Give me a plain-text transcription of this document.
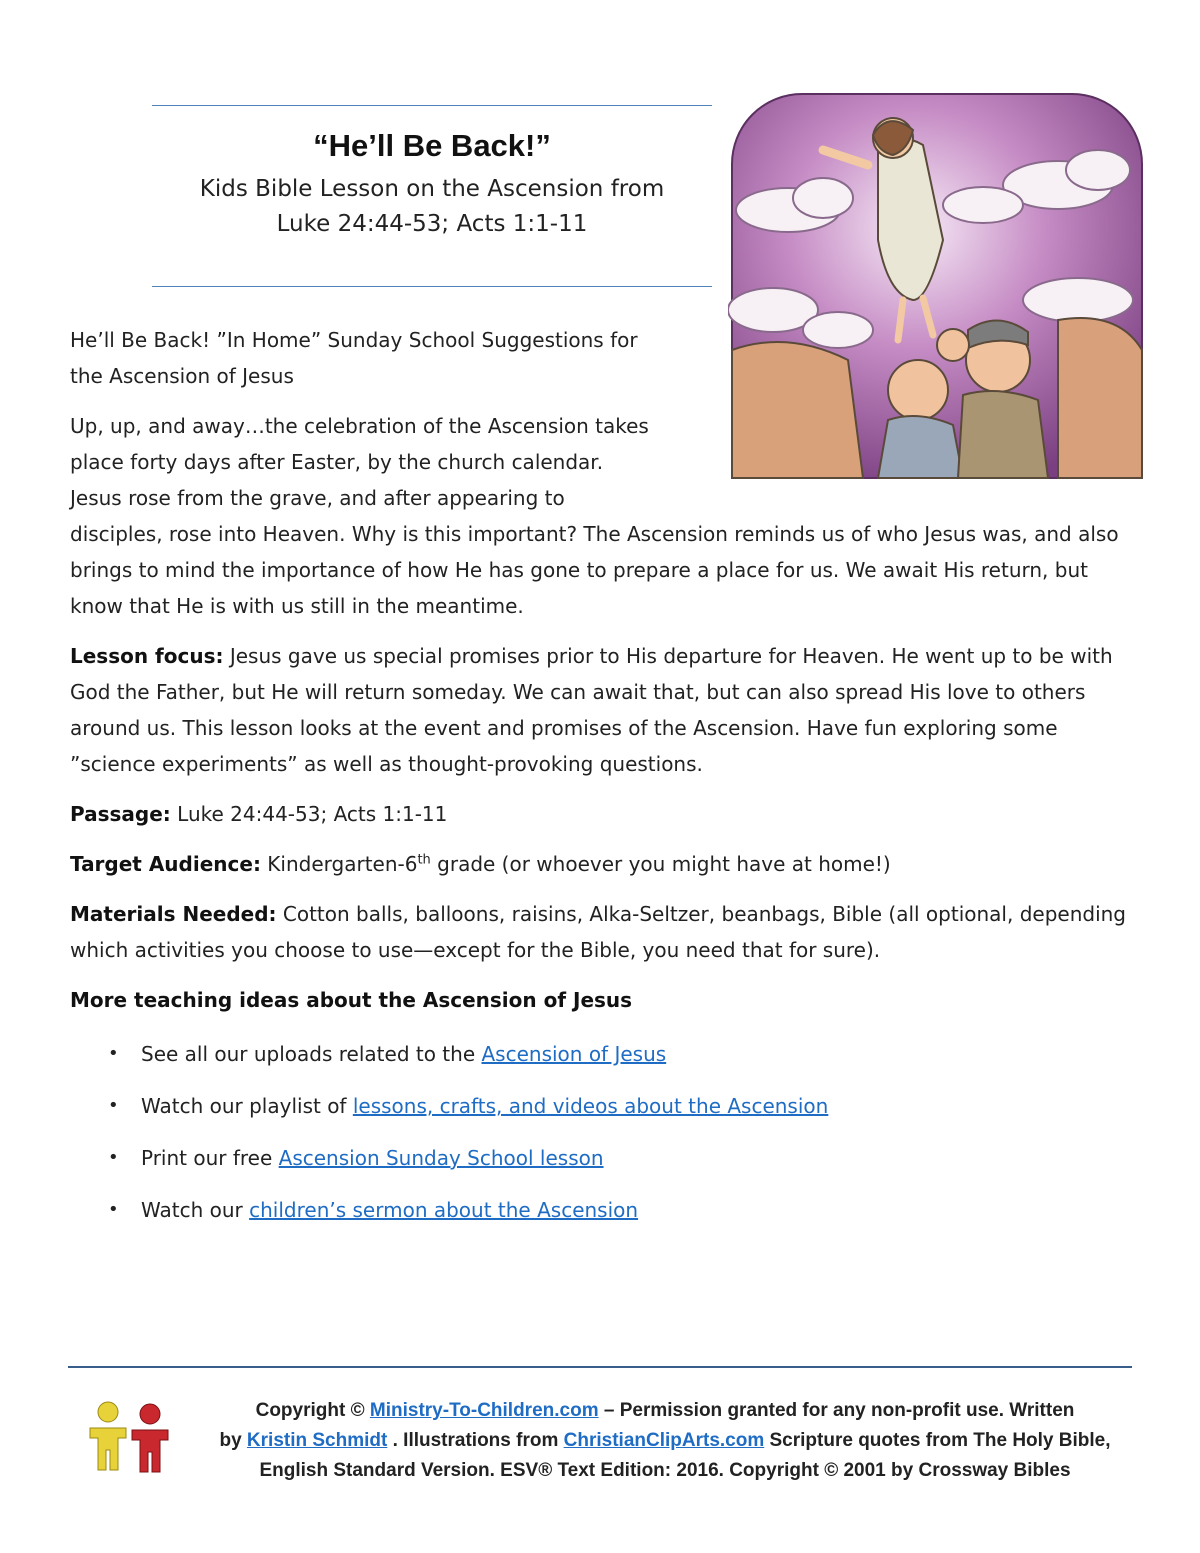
“He’ll Be Back!”
Kids Bible Lesson on the Ascension from
Luke 24:44-53; Acts 1:1-11

He’ll Be Back! ”In Home” Sunday School Suggestions for
the Ascension of Jesus

Up, up, and away…the celebration of the Ascension takes
place forty days after Easter, by the church calendar.
Jesus rose from the grave, and after appearing to
disciples, rose into Heaven. Why is this important? The Ascension reminds us of who Jesus was, and also brings to mind the importance of how He has gone to prepare a place for us. We await His return, but know that He is with us still in the meantime.

Lesson focus: Jesus gave us special promises prior to His departure for Heaven. He went up to be with God the Father, but He will return someday. We can await that, but can also spread His love to others around us. This lesson looks at the event and promises of the Ascension. Have fun exploring some ”science experiments” as well as thought-provoking questions.

Passage: Luke 24:44-53; Acts 1:1-11

Target Audience: Kindergarten-6th grade (or whoever you might have at home!)

Materials Needed: Cotton balls, balloons, raisins, Alka-Seltzer, beanbags, Bible (all optional, depending which activities you choose to use—except for the Bible, you need that for sure).

More teaching ideas about the Ascension of Jesus
• See all our uploads related to the Ascension of Jesus
• Watch our playlist of lessons, crafts, and videos about the Ascension
• Print our free Ascension Sunday School lesson
• Watch our children’s sermon about the Ascension
Copyright © Ministry-To-Children.com – Permission granted for any non-profit use. Written
by Kristin Schmidt . Illustrations from ChristianClipArts.com Scripture quotes from The Holy Bible,
English Standard Version. ESV® Text Edition: 2016. Copyright © 2001 by Crossway Bibles
